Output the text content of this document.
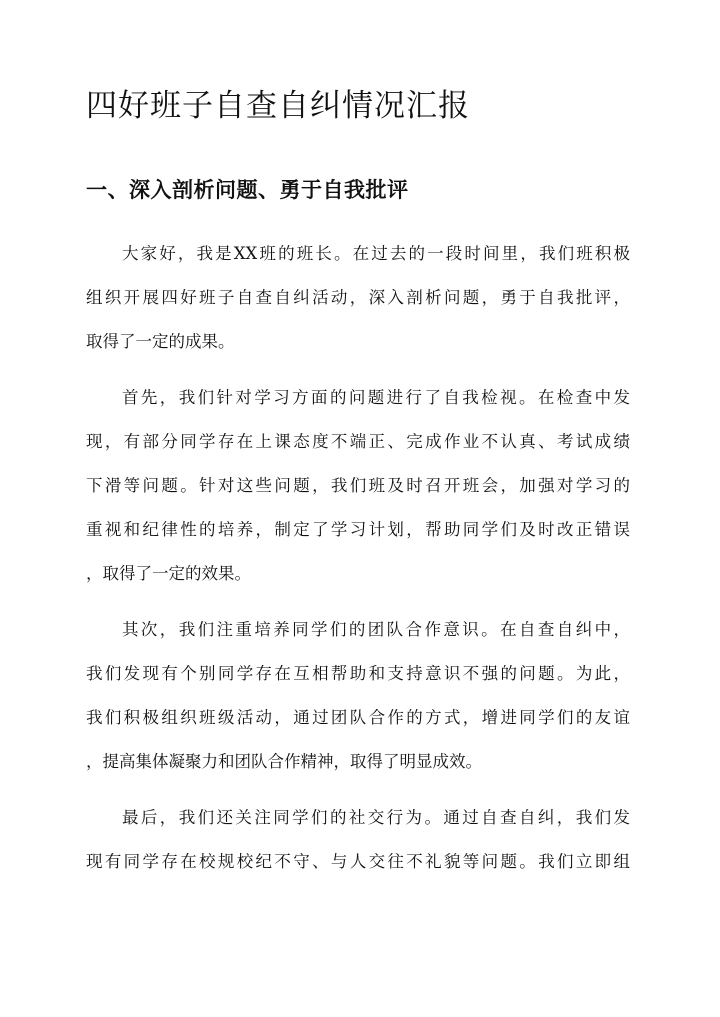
四好班子自查自纠情况汇报
一、深入剖析问题、勇于自我批评
大家好，我是XX班的班长。在过去的一段时间里，我们班积极
组织开展四好班子自查自纠活动，深入剖析问题，勇于自我批评，
取得了一定的成果。
首先，我们针对学习方面的问题进行了自我检视。在检查中发
现，有部分同学存在上课态度不端正、完成作业不认真、考试成绩
下滑等问题。针对这些问题，我们班及时召开班会，加强对学习的
重视和纪律性的培养，制定了学习计划，帮助同学们及时改正错误
，取得了一定的效果。
其次，我们注重培养同学们的团队合作意识。在自查自纠中，
我们发现有个别同学存在互相帮助和支持意识不强的问题。为此，
我们积极组织班级活动，通过团队合作的方式，增进同学们的友谊
，提高集体凝聚力和团队合作精神，取得了明显成效。
最后，我们还关注同学们的社交行为。通过自查自纠，我们发
现有同学存在校规校纪不守、与人交往不礼貌等问题。我们立即组
